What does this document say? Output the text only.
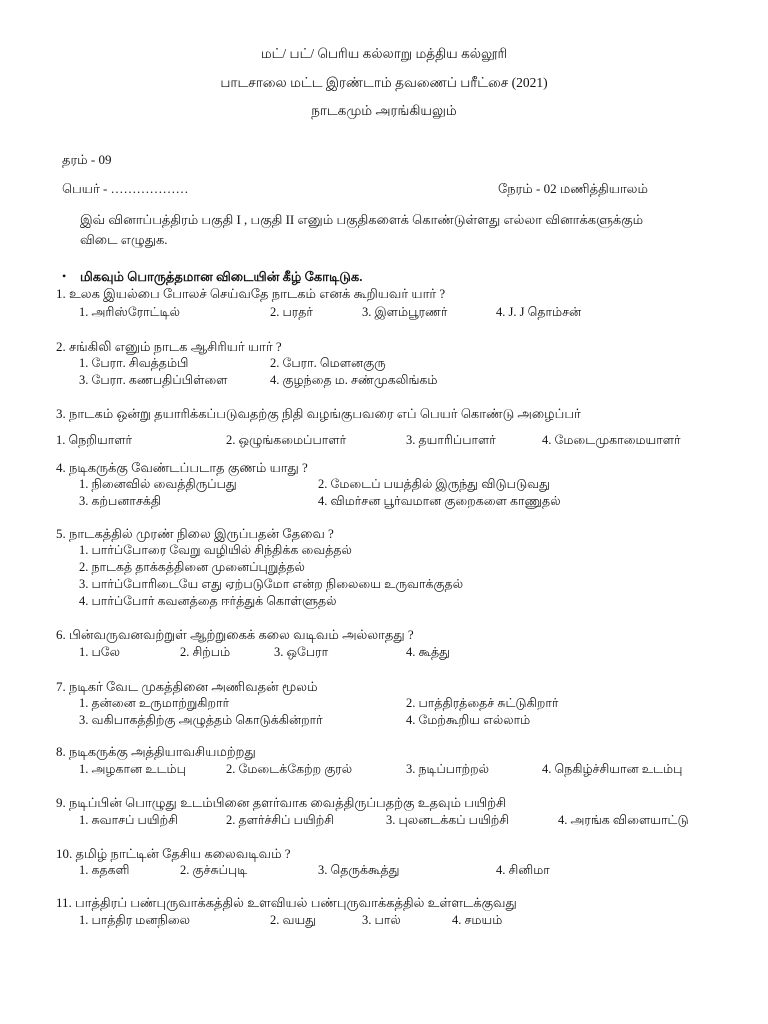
மட்/ பட்/ பெரிய கல்லாறு மத்திய கல்லூரி
பாடசாலை மட்ட இரண்டாம் தவணைப் பரீட்சை (2021)
நாடகமும் அரங்கியலும்
தரம் - 09
பெயர் - ………………	நேரம் - 02 மணித்தியாலம்
இவ் வினாப்பத்திரம் பகுதி I , பகுதி II எனும் பகுதிகளைக் கொண்டுள்ளது எல்லா வினாக்களுக்கும்
விடை எழுதுக.
• மிகவும் பொருத்தமான விடையின் கீழ் கோடிடுக.
1. உலக இயல்பை போலச் செய்வதே நாடகம் எனக் கூறியவர் யார் ?
1. அரிஸ்ரோட்டில்	2. பரதர்	3. இளம்பூரணர்	4. J. J தொம்சன்
2. சங்கிலி எனும் நாடக ஆசிரியர் யார் ?
1. பேரா. சிவத்தம்பி	2. பேரா. மௌனகுரு
3. பேரா. கணபதிப்பிள்ளை	4. குழந்தை ம. சண்முகலிங்கம்
3. நாடகம் ஒன்று தயாரிக்கப்படுவதற்கு நிதி வழங்குபவரை எப் பெயர் கொண்டு அழைப்பர்
1. நெறியாளர்	2. ஒழுங்கமைப்பாளர்	3. தயாரிப்பாளர்	4. மேடைமுகாமையாளர்
4. நடிகருக்கு வேண்டப்படாத குணம் யாது ?
1. நினைவில் வைத்திருப்பது	2. மேடைப் பயத்தில் இருந்து விடுபடுவது
3. கற்பனாசக்தி	4. விமர்சன பூர்வமான குறைகளை காணுதல்
5. நாடகத்தில் முரண் நிலை இருப்பதன் தேவை ?
1. பார்ப்போரை வேறு வழியில் சிந்திக்க வைத்தல்
2. நாடகத் தாக்கத்தினை முனைப்புறுத்தல்
3. பார்ப்போரிடையே எது ஏற்படுமோ என்ற நிலையை உருவாக்குதல்
4. பார்ப்போர் கவனத்தை ஈர்த்துக் கொள்ளுதல்
6. பின்வருவனவற்றுள் ஆற்றுகைக் கலை வடிவம் அல்லாதது ?
1. பலே	2. சிற்பம்	3. ஒபேரா	4. கூத்து
7. நடிகர் வேட முகத்தினை அணிவதன் மூலம்
1. தன்னை உருமாற்றுகிறார்	2. பாத்திரத்தைச் சுட்டுகிறார்
3. வகிபாகத்திற்கு அழுத்தம் கொடுக்கின்றார்	4. மேற்கூறிய எல்லாம்
8. நடிகருக்கு அத்தியாவசியமற்றது
1. அழகான உடம்பு	2. மேடைக்கேற்ற குரல்	3. நடிப்பாற்றல்	4. நெகிழ்ச்சியான உடம்பு
9. நடிப்பின் பொழுது உடம்பினை தளர்வாக வைத்திருப்பதற்கு உதவும் பயிற்சி
1. சுவாசப் பயிற்சி	2. தளர்ச்சிப் பயிற்சி	3. புலனடக்கப் பயிற்சி	4. அரங்க விளையாட்டு
10. தமிழ் நாட்டின் தேசிய கலைவடிவம் ?
1. கதகளி	2. குச்சுப்புடி	3. தெருக்கூத்து	4. சினிமா
11. பாத்திரப் பண்புருவாக்கத்தில் உளவியல் பண்புருவாக்கத்தில் உள்ளடக்குவது
1. பாத்திர மனநிலை	2. வயது	3. பால்	4. சமயம்
